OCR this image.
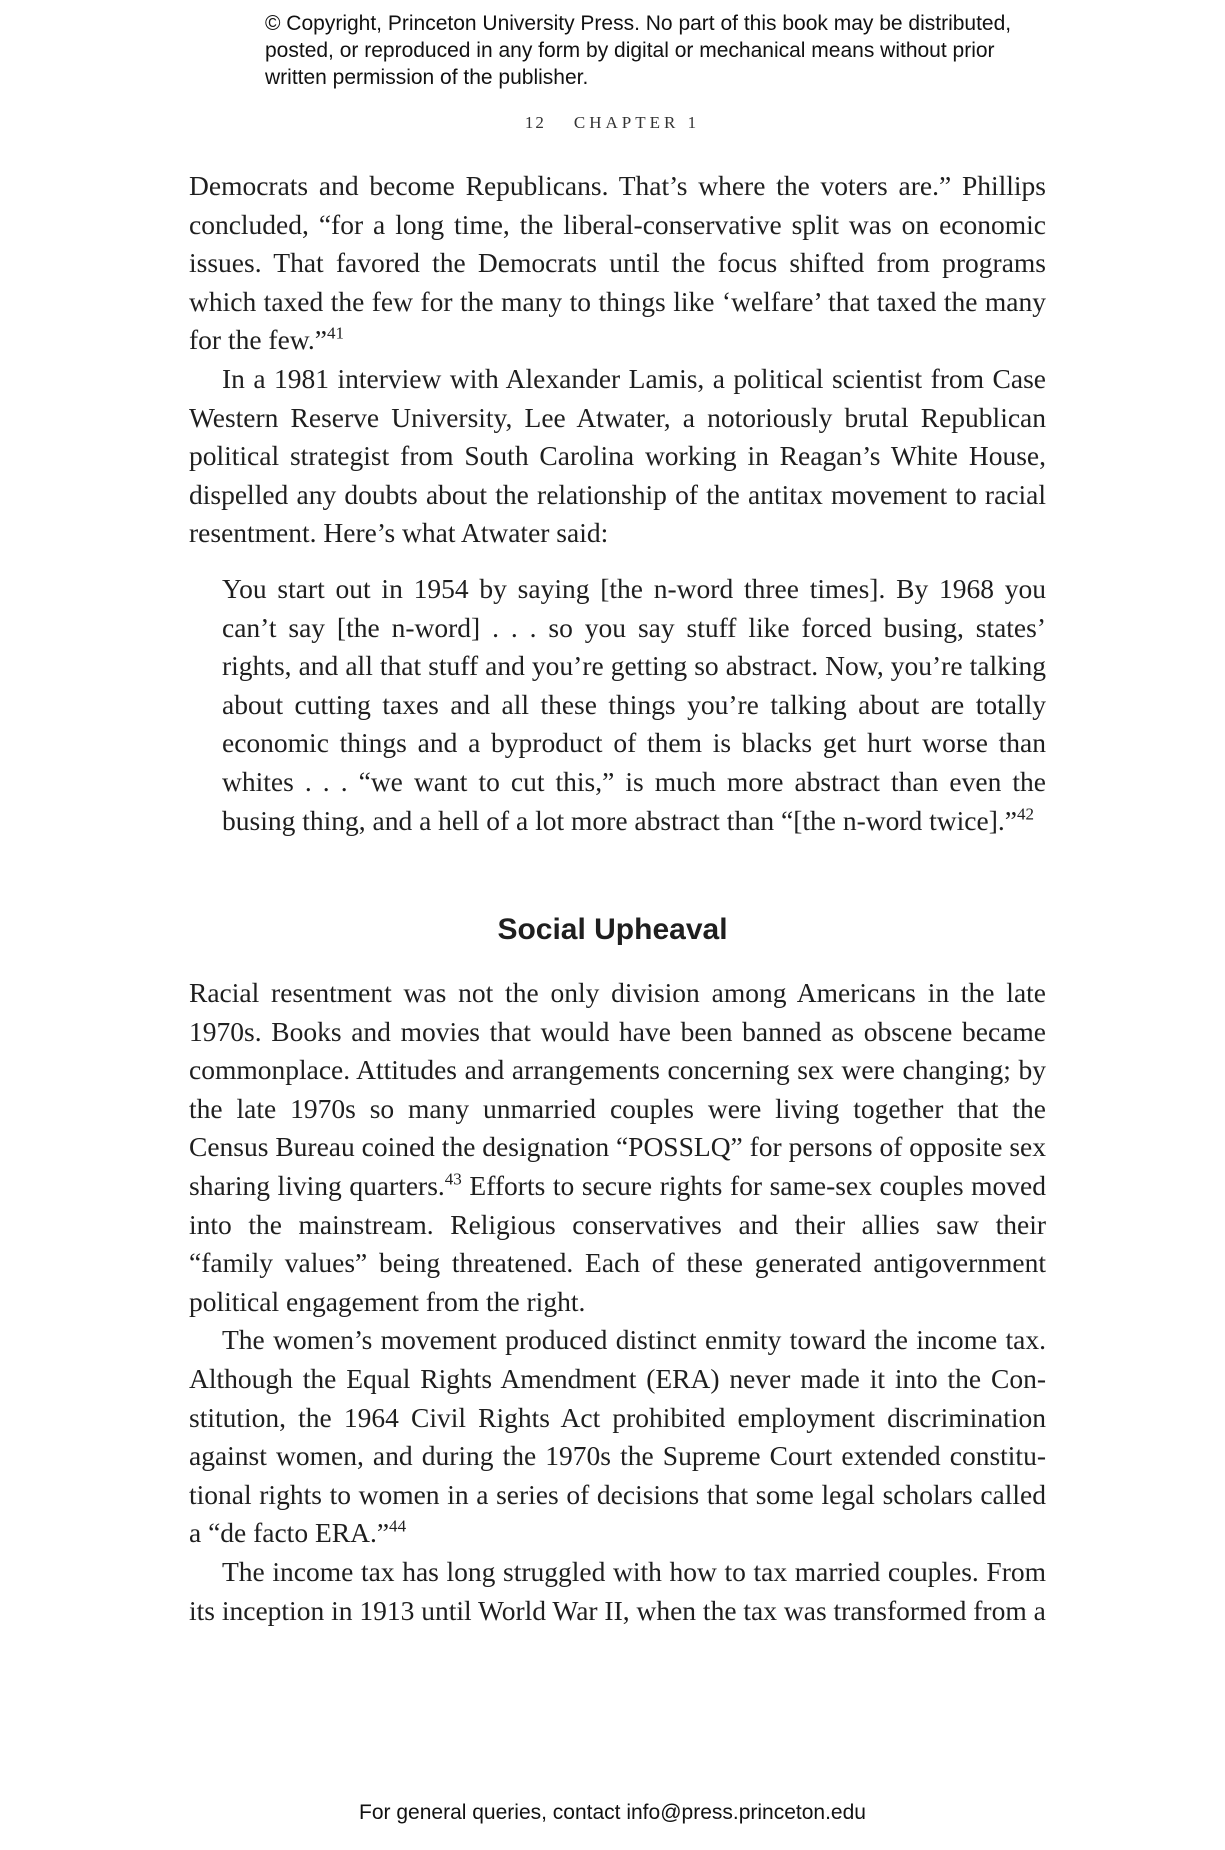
© Copyright, Princeton University Press. No part of this book may be distributed, posted, or reproduced in any form by digital or mechanical means without prior written permission of the publisher.
12 CHAPTER 1

Democrats and become Republicans. That’s where the voters are.” Phillips concluded, “for a long time, the liberal-conservative split was on economic issues. That favored the Democrats until the focus shifted from programs which taxed the few for the many to things like ‘welfare’ that taxed the many for the few.”$^{41}$

In a 1981 interview with Alexander Lamis, a political scientist from Case Western Reserve University, Lee Atwater, a notoriously brutal Republican political strategist from South Carolina working in Reagan’s White House, dispelled any doubts about the relationship of the antitax movement to racial resentment. Here’s what Atwater said:

You start out in 1954 by saying [the n-word three times]. By 1968 you can’t say [the n-word] . . . so you say stuff like forced busing, states’ rights, and all that stuff and you’re getting so abstract. Now, you’re talking about cutting taxes and all these things you’re talking about are totally economic things and a byproduct of them is blacks get hurt worse than whites . . . “we want to cut this,” is much more abstract than even the busing thing, and a hell of a lot more abstract than “[the n-word twice].”$^{42}$

Social Upheaval

Racial resentment was not the only division among Americans in the late 1970s. Books and movies that would have been banned as obscene became commonplace. Attitudes and arrangements concerning sex were changing; by the late 1970s so many unmarried couples were living together that the Census Bureau coined the designation “POSSLQ” for persons of opposite sex sharing living quarters.$^{43}$ Efforts to secure rights for same-sex couples moved into the mainstream. Religious conservatives and their allies saw their “family values” being threatened. Each of these generated antigovernment political engagement from the right.

The women’s movement produced distinct enmity toward the income tax. Although the Equal Rights Amendment (ERA) never made it into the Constitution, the 1964 Civil Rights Act prohibited employment discrimination against women, and during the 1970s the Supreme Court extended constitutional rights to women in a series of decisions that some legal scholars called a “de facto ERA.”$^{44}$

The income tax has long struggled with how to tax married couples. From its inception in 1913 until World War II, when the tax was transformed from a

For general queries, contact info@press.princeton.edu
